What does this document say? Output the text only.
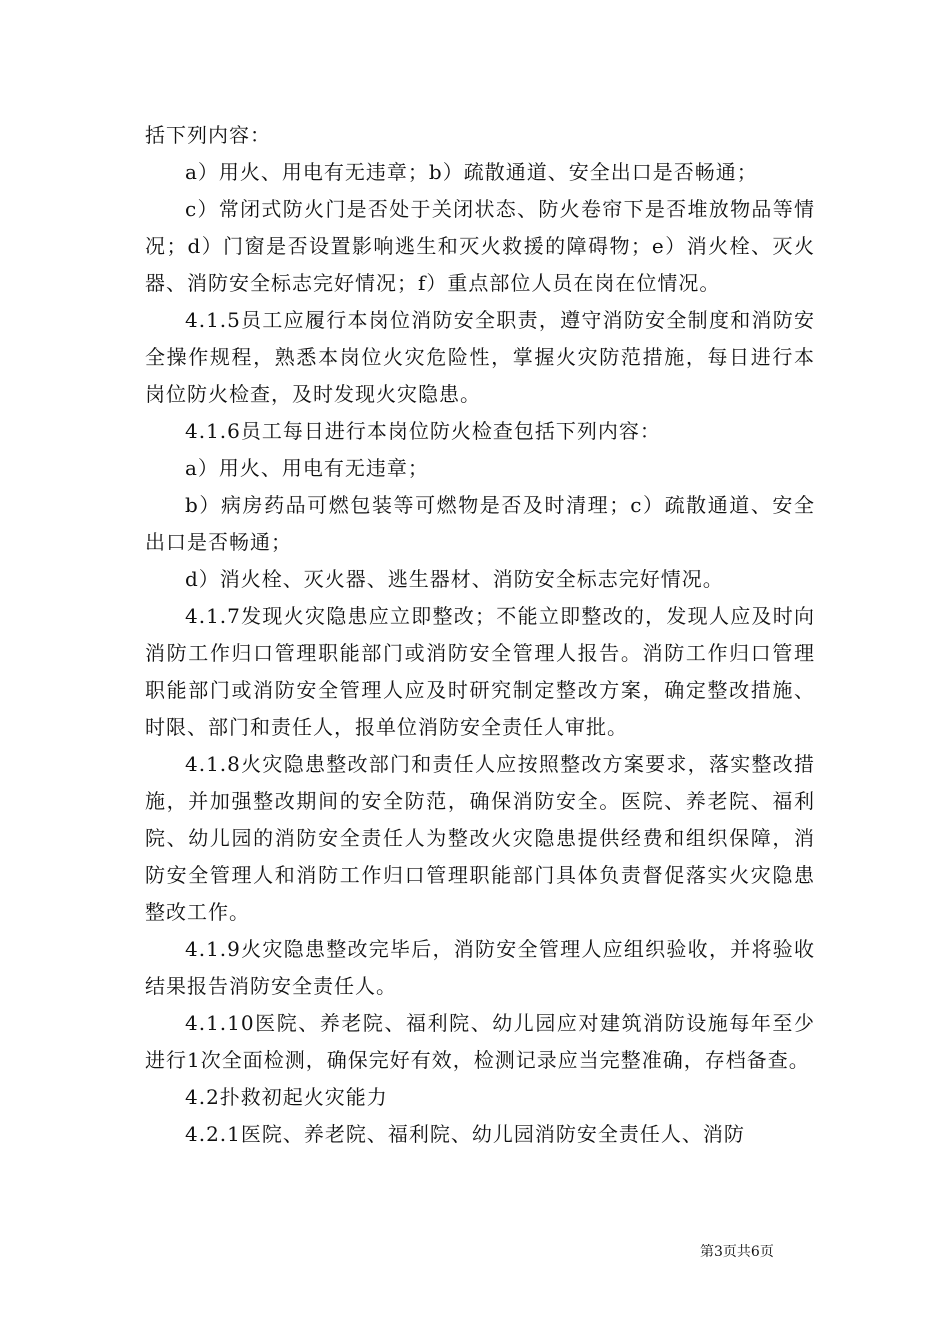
括下列内容：

a）用火、用电有无违章；b）疏散通道、安全出口是否畅通；

c）常闭式防火门是否处于关闭状态、防火卷帘下是否堆放物品等情况；d）门窗是否设置影响逃生和灭火救援的障碍物；e）消火栓、灭火器、消防安全标志完好情况；f）重点部位人员在岗在位情况。

4.1.5员工应履行本岗位消防安全职责，遵守消防安全制度和消防安全操作规程，熟悉本岗位火灾危险性，掌握火灾防范措施，每日进行本岗位防火检查，及时发现火灾隐患。

4.1.6员工每日进行本岗位防火检查包括下列内容：

a）用火、用电有无违章；

b）病房药品可燃包装等可燃物是否及时清理；c）疏散通道、安全出口是否畅通；

d）消火栓、灭火器、逃生器材、消防安全标志完好情况。

4.1.7发现火灾隐患应立即整改；不能立即整改的，发现人应及时向消防工作归口管理职能部门或消防安全管理人报告。消防工作归口管理职能部门或消防安全管理人应及时研究制定整改方案，确定整改措施、时限、部门和责任人，报单位消防安全责任人审批。

4.1.8火灾隐患整改部门和责任人应按照整改方案要求，落实整改措施，并加强整改期间的安全防范，确保消防安全。医院、养老院、福利院、幼儿园的消防安全责任人为整改火灾隐患提供经费和组织保障，消防安全管理人和消防工作归口管理职能部门具体负责督促落实火灾隐患整改工作。

4.1.9火灾隐患整改完毕后，消防安全管理人应组织验收，并将验收结果报告消防安全责任人。

4.1.10医院、养老院、福利院、幼儿园应对建筑消防设施每年至少进行1次全面检测，确保完好有效，检测记录应当完整准确，存档备查。

4.2扑救初起火灾能力

4.2.1医院、养老院、福利院、幼儿园消防安全责任人、消防

第3页共6页
